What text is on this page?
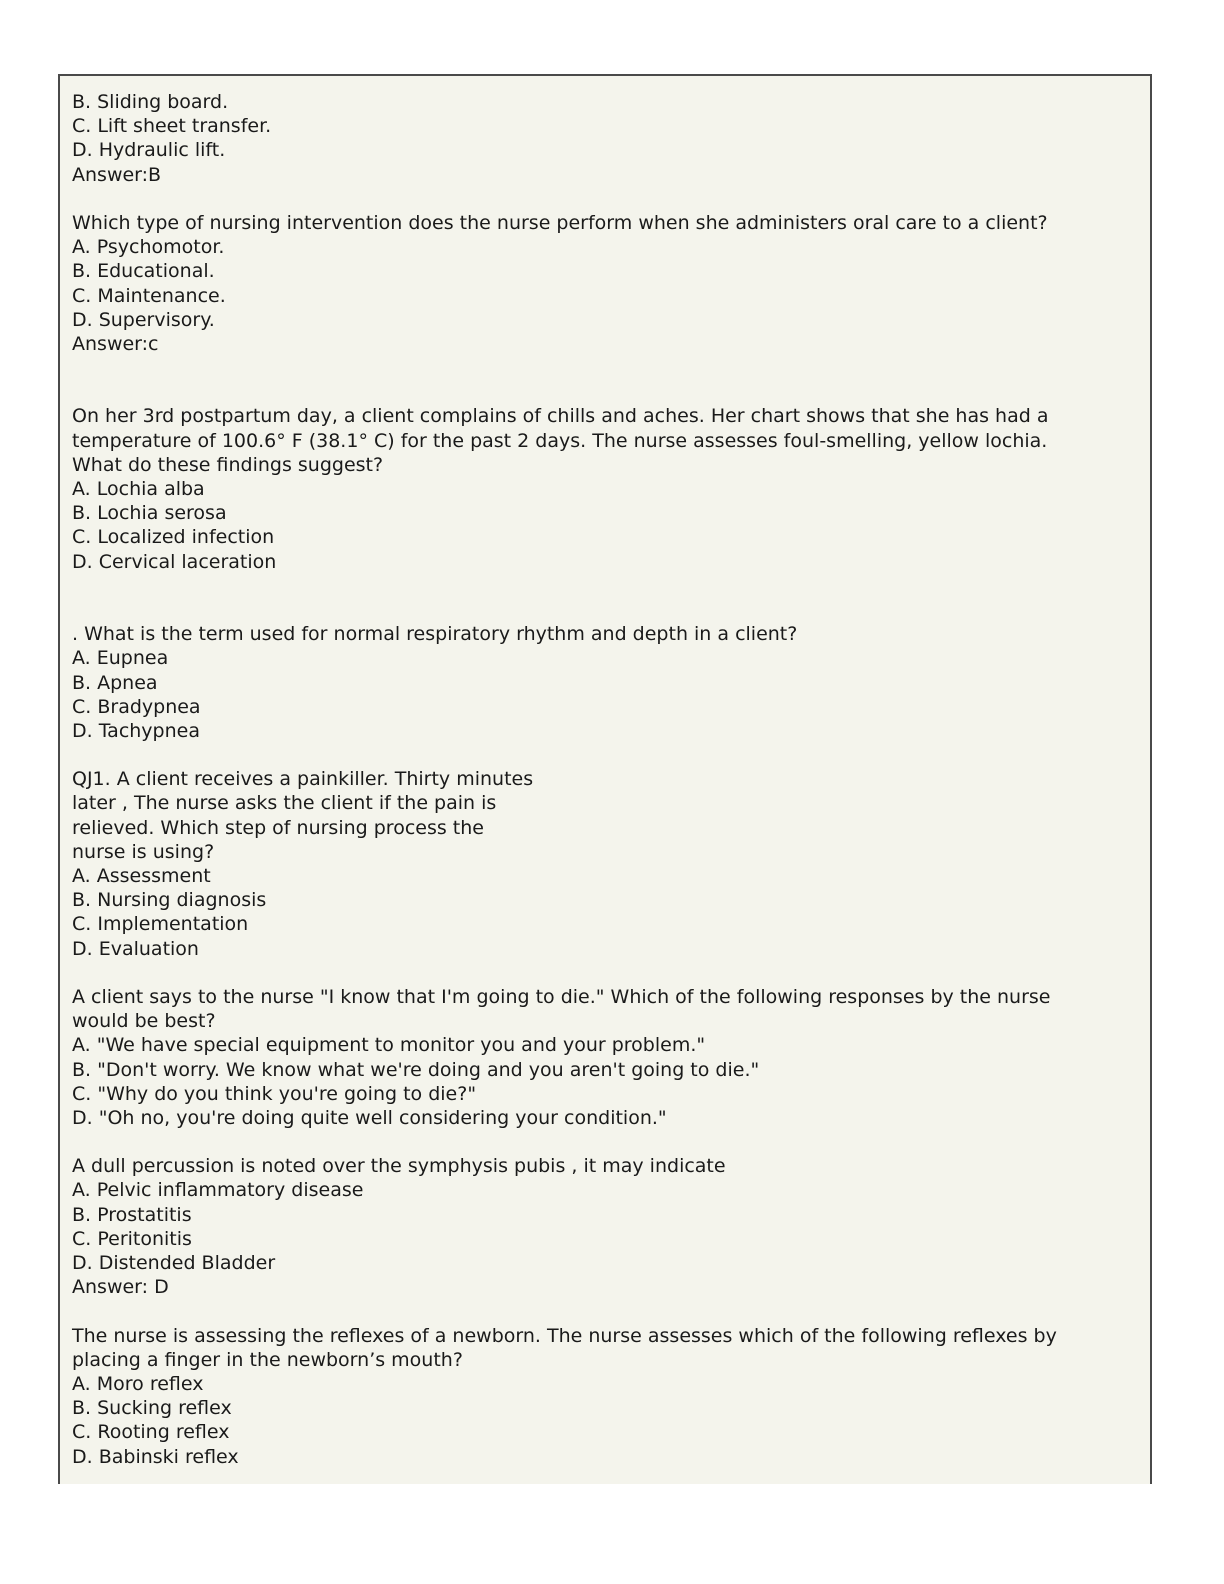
B. Sliding board.

C. Lift sheet transfer.

D. Hydraulic lift.

Answer:B

Which type of nursing intervention does the nurse perform when she administers oral care to a client?

A. Psychomotor.

B. Educational.

C. Maintenance.

D. Supervisory.

Answer:c

On her 3rd postpartum day, a client complains of chills and aches. Her chart shows that she has had a

temperature of 100.6° F (38.1° C) for the past 2 days. The nurse assesses foul-smelling, yellow lochia.

What do these findings suggest?

A. Lochia alba

B. Lochia serosa

C. Localized infection

D. Cervical laceration

. What is the term used for normal respiratory rhythm and depth in a client?

A. Eupnea

B. Apnea

C. Bradypnea

D. Tachypnea

QJ1. A client receives a painkiller. Thirty minutes

later , The nurse asks the client if the pain is

relieved. Which step of nursing process the

nurse is using?

A. Assessment

B. Nursing diagnosis

C. Implementation

D. Evaluation

A client says to the nurse "I know that I'm going to die." Which of the following responses by the nurse

would be best?

A. "We have special equipment to monitor you and your problem."

B. "Don't worry. We know what we're doing and you aren't going to die."

C. "Why do you think you're going to die?"

D. "Oh no, you're doing quite well considering your condition."

A dull percussion is noted over the symphysis pubis , it may indicate

A. Pelvic inflammatory disease

B. Prostatitis

C. Peritonitis

D. Distended Bladder

Answer: D

The nurse is assessing the reflexes of a newborn. The nurse assesses which of the following reflexes by

placing a finger in the newborn’s mouth?

A. Moro reflex

B. Sucking reflex

C. Rooting reflex

D. Babinski reflex
